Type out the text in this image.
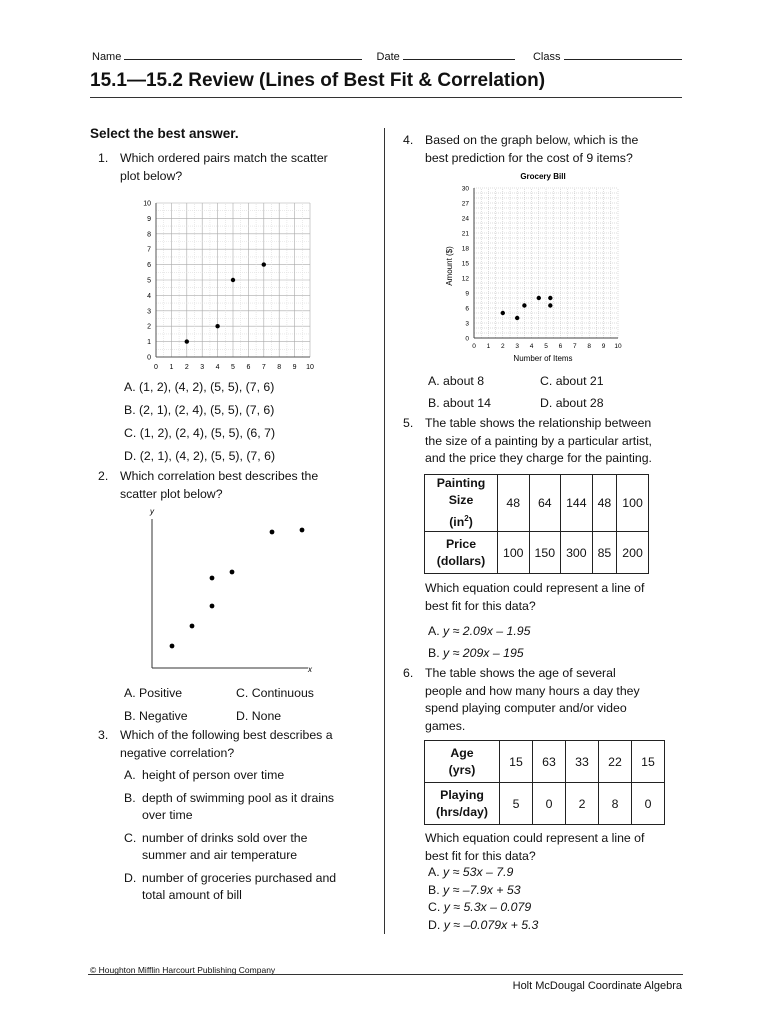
Name	Date	Class
15.1—15.2 Review (Lines of Best Fit & Correlation)
Select the best answer.
1. Which ordered pairs match the scatter
plot below?
0 1 2 3 4 5 6 7 8 9 10
1
2
3
4
5
6
7
8
9
10
0
A. (1, 2), (4, 2), (5, 5), (7, 6)
B. (2, 1), (2, 4), (5, 5), (7, 6)
C. (1, 2), (2, 4), (5, 5), (6, 7)
D. (2, 1), (4, 2), (5, 5), (7, 6)
2. Which correlation best describes the
scatter plot below?
y
x
A. Positive	C. Continuous
B. Negative	D. None
3. Which of the following best describes a
negative correlation?
A. height of person over time
B. depth of swimming pool as it drains
over time
C. number of drinks sold over the
summer and air temperature
D. number of groceries purchased and
total amount of bill
4. Based on the graph below, which is the
best prediction for the cost of 9 items?
Grocery Bill
Number of Items
Amount ($)
0 1 2 3 4 5 6 7 8 9 10
0
3
6
9
12
15
18
21
24
27
30
A. about 8	C. about 21
B. about 14	D. about 28
5. The table shows the relationship between
the size of a painting by a particular artist,
and the price they charge for the painting.
Painting
Size
$(in^2)$	48	64	144	48	100
Price
(dollars)	100	150	300	85	200
Which equation could represent a line of
best fit for this data?
A. y ≈ 2.09x – 1.95
B. y ≈ 209x – 195
6. The table shows the age of several
people and how many hours a day they
spend playing computer and/or video
games.
Age
(yrs)	15	63	33	22	15
Playing
(hrs/day)	5	0	2	8	0
Which equation could represent a line of
best fit for this data?
A. y ≈ 53x – 7.9
B. y ≈ –7.9x + 53
C. y ≈ 5.3x – 0.079
D. y ≈ –0.079x + 5.3
© Houghton Mifflin Harcourt Publishing Company
Holt McDougal Coordinate Algebra
